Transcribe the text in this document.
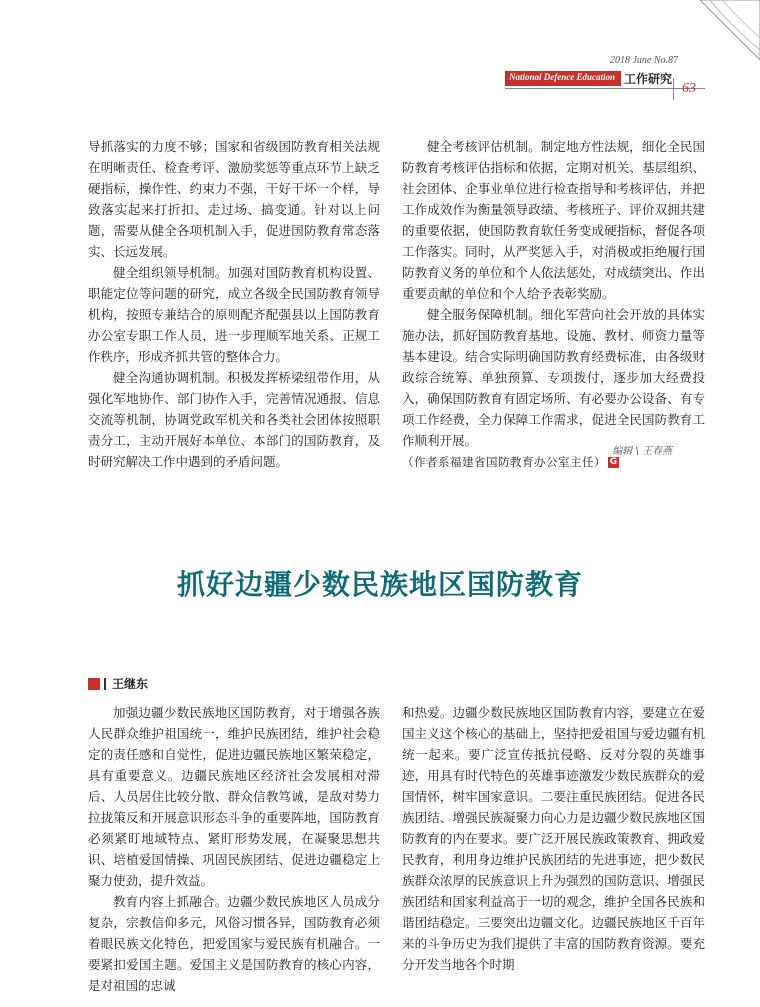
2018 June No.87
National Defence Education 工作研究
63

导抓落实的力度不够；国家和省级国防教育相关法规在明晰责任、检查考评、激励奖惩等重点环节上缺乏硬指标，操作性、约束力不强，干好干坏一个样，导致落实起来打折扣、走过场、搞变通。针对以上问题，需要从健全各项机制入手，促进国防教育常态落实、长远发展。

健全组织领导机制。加强对国防教育机构设置、职能定位等问题的研究，成立各级全民国防教育领导机构，按照专兼结合的原则配齐配强县以上国防教育办公室专职工作人员，进一步理顺军地关系、正规工作秩序，形成齐抓共管的整体合力。

健全沟通协调机制。积极发挥桥梁纽带作用，从强化军地协作、部门协作入手，完善情况通报、信息交流等机制，协调党政军机关和各类社会团体按照职责分工，主动开展好本单位、本部门的国防教育，及时研究解决工作中遇到的矛盾问题。

健全考核评估机制。制定地方性法规，细化全民国防教育考核评估指标和依据，定期对机关、基层组织、社会团体、企事业单位进行检查指导和考核评估，并把工作成效作为衡量领导政绩、考核班子、评价双拥共建的重要依据，使国防教育软任务变成硬指标，督促各项工作落实。同时，从严奖惩入手，对消极或拒绝履行国防教育义务的单位和个人依法惩处，对成绩突出、作出重要贡献的单位和个人给予表彰奖励。

健全服务保障机制。细化军营向社会开放的具体实施办法，抓好国防教育基地、设施、教材、师资力量等基本建设。结合实际明确国防教育经费标准，由各级财政综合统筹、单独预算、专项拨付，逐步加大经费投入，确保国防教育有固定场所、有必要办公设备、有专项工作经费，全力保障工作需求，促进全民国防教育工作顺利开展。

（作者系福建省国防教育办公室主任） G

编辑 \ 王春燕
抓好边疆少数民族地区国防教育
王继东

加强边疆少数民族地区国防教育，对于增强各族人民群众维护祖国统一，维护民族团结，维护社会稳定的责任感和自觉性，促进边疆民族地区繁荣稳定，具有重要意义。边疆民族地区经济社会发展相对滞后、人员居住比较分散、群众信教笃诚，是敌对势力拉拢策反和开展意识形态斗争的重要阵地，国防教育必须紧盯地域特点、紧盯形势发展，在凝聚思想共识、培植爱国情操、巩固民族团结、促进边疆稳定上聚力使劲，提升效益。

教育内容上抓融合。边疆少数民族地区人员成分复杂，宗教信仰多元，风俗习惯各异，国防教育必须着眼民族文化特色，把爱国家与爱民族有机融合。一要紧扣爱国主题。爱国主义是国防教育的核心内容，是对祖国的忠诚

和热爱。边疆少数民族地区国防教育内容，要建立在爱国主义这个核心的基础上，坚持把爱祖国与爱边疆有机统一起来。要广泛宣传抵抗侵略、反对分裂的英雄事迹，用具有时代特色的英雄事迹激发少数民族群众的爱国情怀，树牢国家意识。二要注重民族团结。促进各民族团结、增强民族凝聚力向心力是边疆少数民族地区国防教育的内在要求。要广泛开展民族政策教育、拥政爱民教育，利用身边维护民族团结的先进事迹，把少数民族群众浓厚的民族意识上升为强烈的国防意识、增强民族团结和国家利益高于一切的观念，维护全国各民族和谐团结稳定。三要突出边疆文化。边疆民族地区千百年来的斗争历史为我们提供了丰富的国防教育资源。要充分开发当地各个时期
